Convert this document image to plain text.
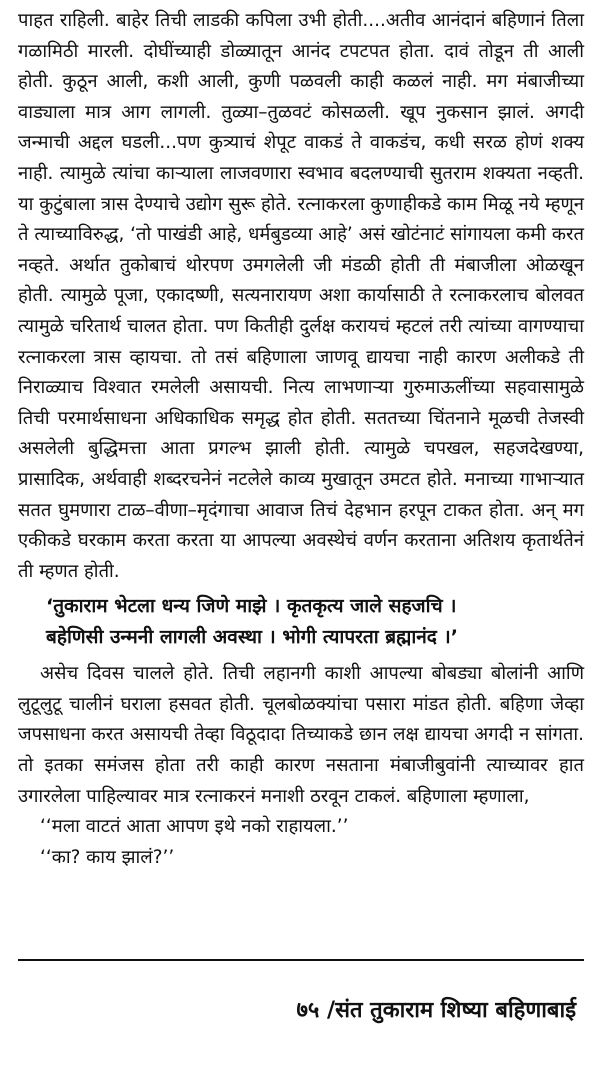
पाहत राहिली. बाहेर तिची लाडकी कपिला उभी होती....अतीव आनंदानं बहिणानं तिला गळामिठी मारली. दोघींच्याही डोळ्यातून आनंद टपटपत होता. दावं तोडून ती आली होती. कुठून आली, कशी आली, कुणी पळवली काही कळलं नाही. मग मंबाजीच्या वाड्याला मात्र आग लागली. तुळ्या–तुळवटं कोसळली. खूप नुकसान झालं. अगदी जन्माची अद्दल घडली...पण कुत्र्याचं शेपूट वाकडं ते वाकडंच, कधी सरळ होणं शक्य नाही. त्यामुळे त्यांचा काऱ्याला लाजवणारा स्वभाव बदलण्याची सुतराम शक्यता नव्हती. या कुटुंबाला त्रास देण्याचे उद्योग सुरू होते. रत्नाकरला कुणाहीकडे काम मिळू नये म्हणून ते त्याच्याविरुद्ध, ‘तो पाखंडी आहे, धर्मबुडव्या आहे’ असं खोटंनाटं सांगायला कमी करत नव्हते. अर्थात तुकोबाचं थोरपण उमगलेली जी मंडळी होती ती मंबाजीला ओळखून होती. त्यामुळे पूजा, एकादष्णी, सत्यनारायण अशा कार्यासाठी ते रत्नाकरलाच बोलवत त्यामुळे चरितार्थ चालत होता. पण कितीही दुर्लक्ष करायचं म्हटलं तरी त्यांच्या वागण्याचा रत्नाकरला त्रास व्हायचा. तो तसं बहिणाला जाणवू द्यायचा नाही कारण अलीकडे ती निराळ्याच विश्वात रमलेली असायची. नित्य लाभणाऱ्या गुरुमाऊलींच्या सहवासामुळे तिची परमार्थसाधना अधिकाधिक समृद्ध होत होती. सततच्या चिंतनाने मूळची तेजस्वी असलेली बुद्धिमत्ता आता प्रगल्भ झाली होती. त्यामुळे चपखल, सहजदेखण्या, प्रासादिक, अर्थवाही शब्दरचनेनं नटलेले काव्य मुखातून उमटत होते. मनाच्या गाभाऱ्यात सतत घुमणारा टाळ–वीणा–मृदंगाचा आवाज तिचं देहभान हरपून टाकत होता. अन् मग एकीकडे घरकाम करता करता या आपल्या अवस्थेचं वर्णन करताना अतिशय कृतार्थतेनं ती म्हणत होती.

‘तुकाराम भेटला धन्य जिणे माझे । कृतकृत्य जाले सहजचि ।
बहेणिसी उन्मनी लागली अवस्था । भोगी त्यापरता ब्रह्मानंद ।’

असेच दिवस चालले होते. तिची लहानगी काशी आपल्या बोबड्या बोलांनी आणि लुटूलुटू चालीनं घराला हसवत होती. चूलबोळक्यांचा पसारा मांडत होती. बहिणा जेव्हा जपसाधना करत असायची तेव्हा विठूदादा तिच्याकडे छान लक्ष द्यायचा अगदी न सांगता. तो इतका समंजस होता तरी काही कारण नसताना मंबाजीबुवांनी त्याच्यावर हात उगारलेला पाहिल्यावर मात्र रत्नाकरनं मनाशी ठरवून टाकलं. बहिणाला म्हणाला,

‘‘मला वाटतं आता आपण इथे नको राहायला.’’

‘‘का? काय झालं?’’

७५ /संत तुकाराम शिष्या बहिणाबाई
